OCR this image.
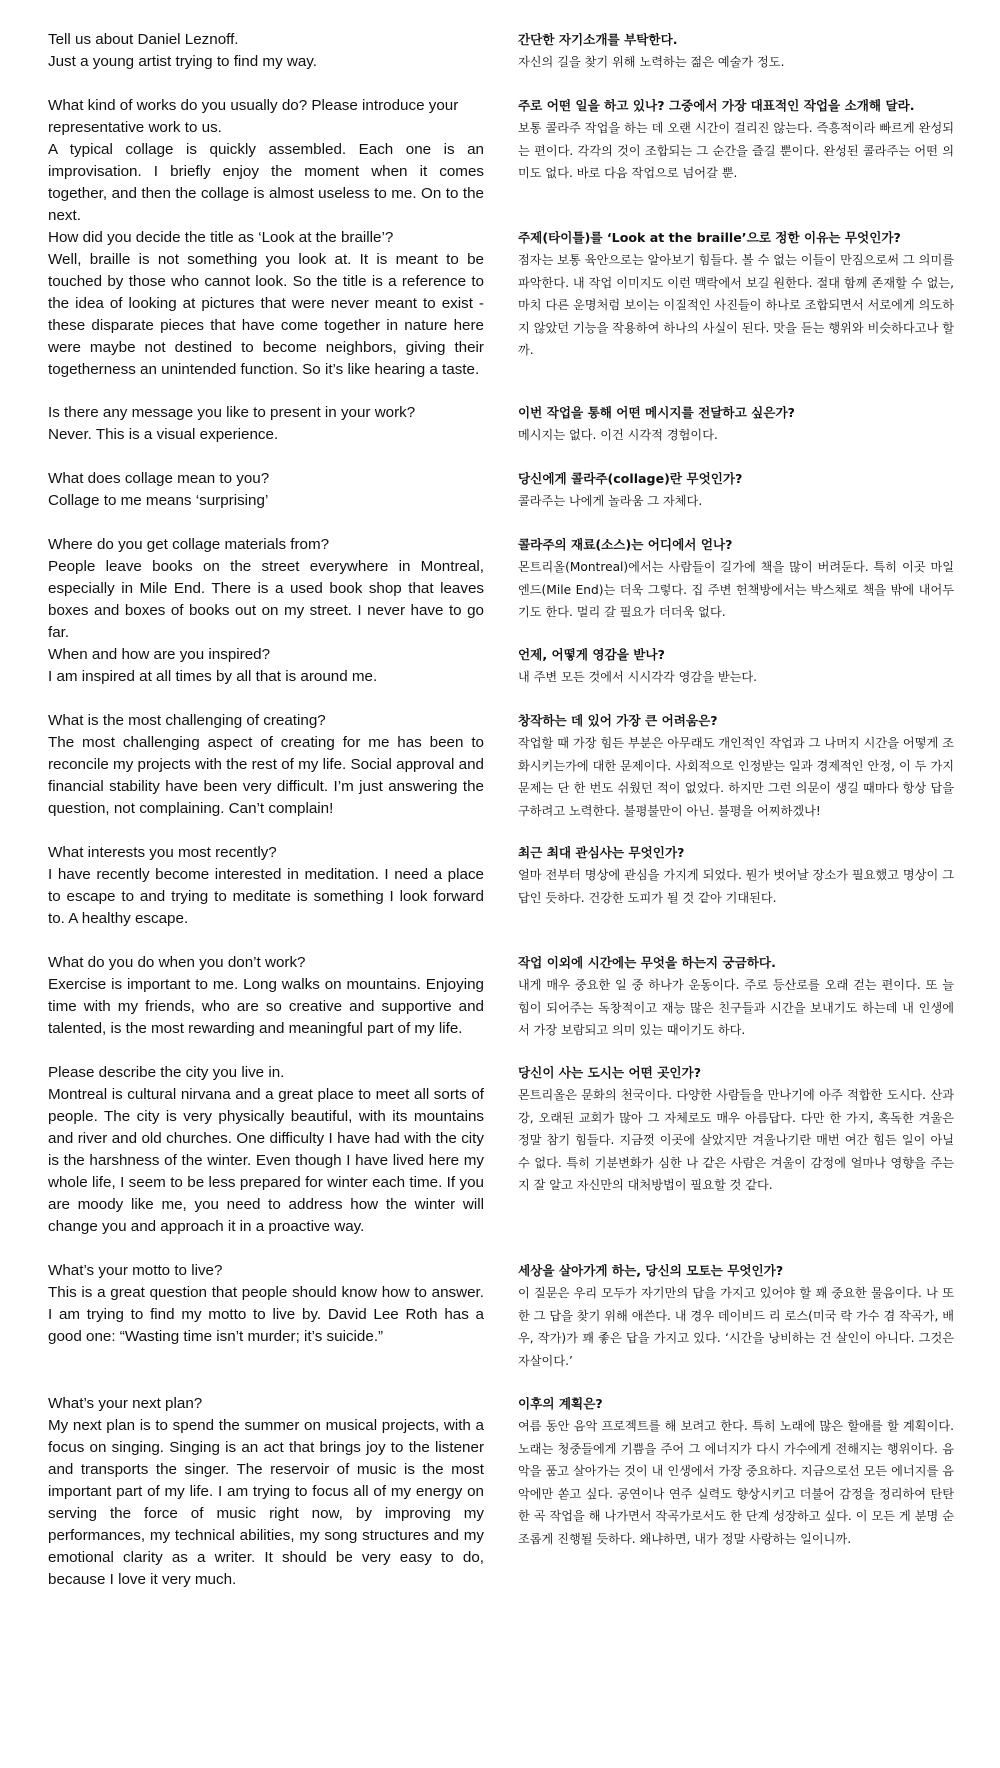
Tell us about Daniel Leznoff.

Just a young artist trying to find my way.

What kind of works do you usually do? Please introduce your representative work to us.

A typical collage is quickly assembled. Each one is an improvisation. I briefly enjoy the moment when it comes together, and then the collage is almost useless to me. On to the next.

How did you decide the title as ‘Look at the braille’?

Well, braille is not something you look at. It is meant to be touched by those who cannot look. So the title is a reference to the idea of looking at pictures that were never meant to exist - these disparate pieces that have come together in nature here were maybe not destined to become neighbors, giving their togetherness an unintended function. So it’s like hearing a taste.

Is there any message you like to present in your work?

Never. This is a visual experience.

What does collage mean to you?

Collage to me means ‘surprising’

Where do you get collage materials from?

People leave books on the street everywhere in Montreal, especially in Mile End. There is a used book shop that leaves boxes and boxes of books out on my street. I never have to go far.

When and how are you inspired?

I am inspired at all times by all that is around me.

What is the most challenging of creating?

The most challenging aspect of creating for me has been to reconcile my projects with the rest of my life. Social approval and financial stability have been very difficult. I’m just answering the question, not complaining. Can’t complain!

What interests you most recently?

I have recently become interested in meditation. I need a place to escape to and trying to meditate is something I look forward to. A healthy escape.

What do you do when you don’t work?

Exercise is important to me. Long walks on mountains. Enjoying time with my friends, who are so creative and supportive and talented, is the most rewarding and meaningful part of my life.

Please describe the city you live in.

Montreal is cultural nirvana and a great place to meet all sorts of people. The city is very physically beautiful, with its mountains and river and old churches. One difficulty I have had with the city is the harshness of the winter. Even though I have lived here my whole life, I seem to be less prepared for winter each time. If you are moody like me, you need to address how the winter will change you and approach it in a proactive way.

What’s your motto to live?

This is a great question that people should know how to answer. I am trying to find my motto to live by. David Lee Roth has a good one: “Wasting time isn’t murder; it’s suicide.”

What’s your next plan?

My next plan is to spend the summer on musical projects, with a focus on singing. Singing is an act that brings joy to the listener and transports the singer. The reservoir of music is the most important part of my life. I am trying to focus all of my energy on serving the force of music right now, by improving my performances, my technical abilities, my song structures and my emotional clarity as a writer. It should be very easy to do, because I love it very much.

간단한 자기소개를 부탁한다.

자신의 길을 찾기 위해 노력하는 젊은 예술가 정도.

주로 어떤 일을 하고 있나? 그중에서 가장 대표적인 작업을 소개해 달라.

보통 콜라주 작업을 하는 데 오랜 시간이 걸리진 않는다. 즉흥적이라 빠르게 완성되는 편이다. 각각의 것이 조합되는 그 순간을 즐길 뿐이다. 완성된 콜라주는 어떤 의미도 없다. 바로 다음 작업으로 넘어갈 뿐.

주제(타이틀)를 ‘Look at the braille’으로 정한 이유는 무엇인가?

점자는 보통 육안으로는 알아보기 힘들다. 볼 수 없는 이들이 만짐으로써 그 의미를 파악한다. 내 작업 이미지도 이런 맥락에서 보길 원한다. 절대 함께 존재할 수 없는, 마치 다른 운명처럼 보이는 이질적인 사진들이 하나로 조합되면서 서로에게 의도하지 않았던 기능을 작용하여 하나의 사실이 된다. 맛을 듣는 행위와 비슷하다고나 할까.

이번 작업을 통해 어떤 메시지를 전달하고 싶은가?

메시지는 없다. 이건 시각적 경험이다.

당신에게 콜라주(collage)란 무엇인가?

콜라주는 나에게 놀라움 그 자체다.

콜라주의 재료(소스)는 어디에서 얻나?

몬트리올(Montreal)에서는 사람들이 길가에 책을 많이 버려둔다. 특히 이곳 마일 엔드(Mile End)는 더욱 그렇다. 집 주변 헌책방에서는 박스채로 책을 밖에 내어두기도 한다. 멀리 갈 필요가 더더욱 없다.

언제, 어떻게 영감을 받나?

내 주변 모든 것에서 시시각각 영감을 받는다.

창작하는 데 있어 가장 큰 어려움은?

작업할 때 가장 힘든 부분은 아무래도 개인적인 작업과 그 나머지 시간을 어떻게 조화시키는가에 대한 문제이다. 사회적으로 인정받는 일과 경제적인 안정, 이 두 가지 문제는 단 한 번도 쉬웠던 적이 없었다. 하지만 그런 의문이 생길 때마다 항상 답을 구하려고 노력한다. 불평불만이 아닌. 불평을 어찌하겠나!

최근 최대 관심사는 무엇인가?

얼마 전부터 명상에 관심을 가지게 되었다. 뭔가 벗어날 장소가 필요했고 명상이 그 답인 듯하다. 건강한 도피가 될 것 같아 기대된다.

작업 이외에 시간에는 무엇을 하는지 궁금하다.

내게 매우 중요한 일 중 하나가 운동이다. 주로 등산로를 오래 걷는 편이다. 또 늘 힘이 되어주는 독창적이고 재능 많은 친구들과 시간을 보내기도 하는데 내 인생에서 가장 보람되고 의미 있는 때이기도 하다.

당신이 사는 도시는 어떤 곳인가?

몬트리올은 문화의 천국이다. 다양한 사람들을 만나기에 아주 적합한 도시다. 산과 강, 오래된 교회가 많아 그 자체로도 매우 아름답다. 다만 한 가지, 혹독한 겨울은 정말 참기 힘들다. 지금껏 이곳에 살았지만 겨울나기란 매번 여간 힘든 일이 아닐 수 없다. 특히 기분변화가 심한 나 같은 사람은 겨울이 감정에 얼마나 영향을 주는지 잘 알고 자신만의 대처방법이 필요할 것 같다.

세상을 살아가게 하는, 당신의 모토는 무엇인가?

이 질문은 우리 모두가 자기만의 답을 가지고 있어야 할 꽤 중요한 물음이다. 나 또한 그 답을 찾기 위해 애쓴다. 내 경우 데이비드 리 로스(미국 락 가수 겸 작곡가, 배우, 작가)가 꽤 좋은 답을 가지고 있다. ‘시간을 낭비하는 건 살인이 아니다. 그것은 자살이다.’

이후의 계획은?

여름 동안 음악 프로젝트를 해 보려고 한다. 특히 노래에 많은 할애를 할 계획이다. 노래는 청중들에게 기쁨을 주어 그 에너지가 다시 가수에게 전해지는 행위이다. 음악을 품고 살아가는 것이 내 인생에서 가장 중요하다. 지금으로선 모든 에너지를 음악에만 쏟고 싶다. 공연이나 연주 실력도 향상시키고 더불어 감정을 정리하여 탄탄한 곡 작업을 해 나가면서 작곡가로서도 한 단계 성장하고 싶다. 이 모든 게 분명 순조롭게 진행될 듯하다. 왜냐하면, 내가 정말 사랑하는 일이니까.
